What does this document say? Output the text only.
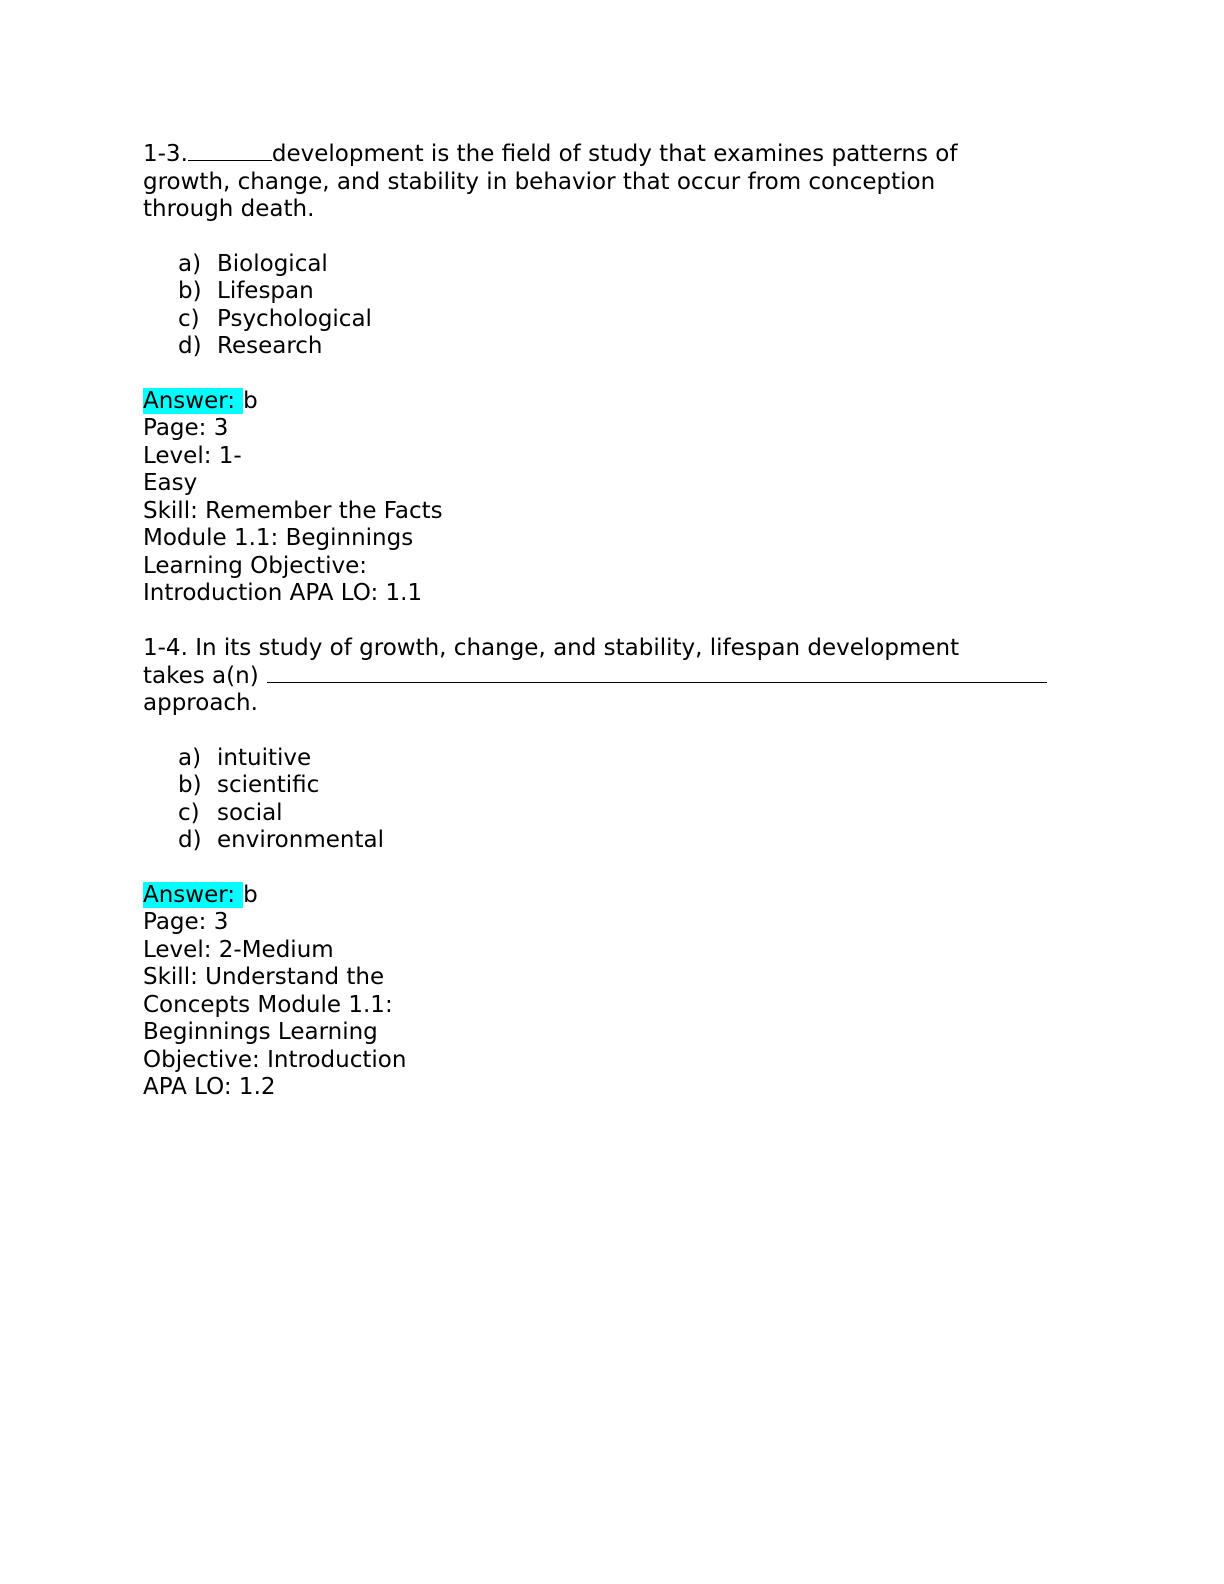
1-3.	development is the field of study that examines patterns of
growth, change, and stability in behavior that occur from conception
through death.

a) Biological
b) Lifespan
c) Psychological
d) Research
Answer: b
Page: 3
Level: 1-
Easy
Skill: Remember the Facts
Module 1.1: Beginnings
Learning Objective:
Introduction APA LO: 1.1

1-4. In its study of growth, change, and stability, lifespan development
takes a(n)
approach.

a) intuitive
b) scientific
c) social
d) environmental
Answer: b
Page: 3
Level: 2-Medium
Skill: Understand the
Concepts Module 1.1:
Beginnings Learning
Objective: Introduction
APA LO: 1.2
